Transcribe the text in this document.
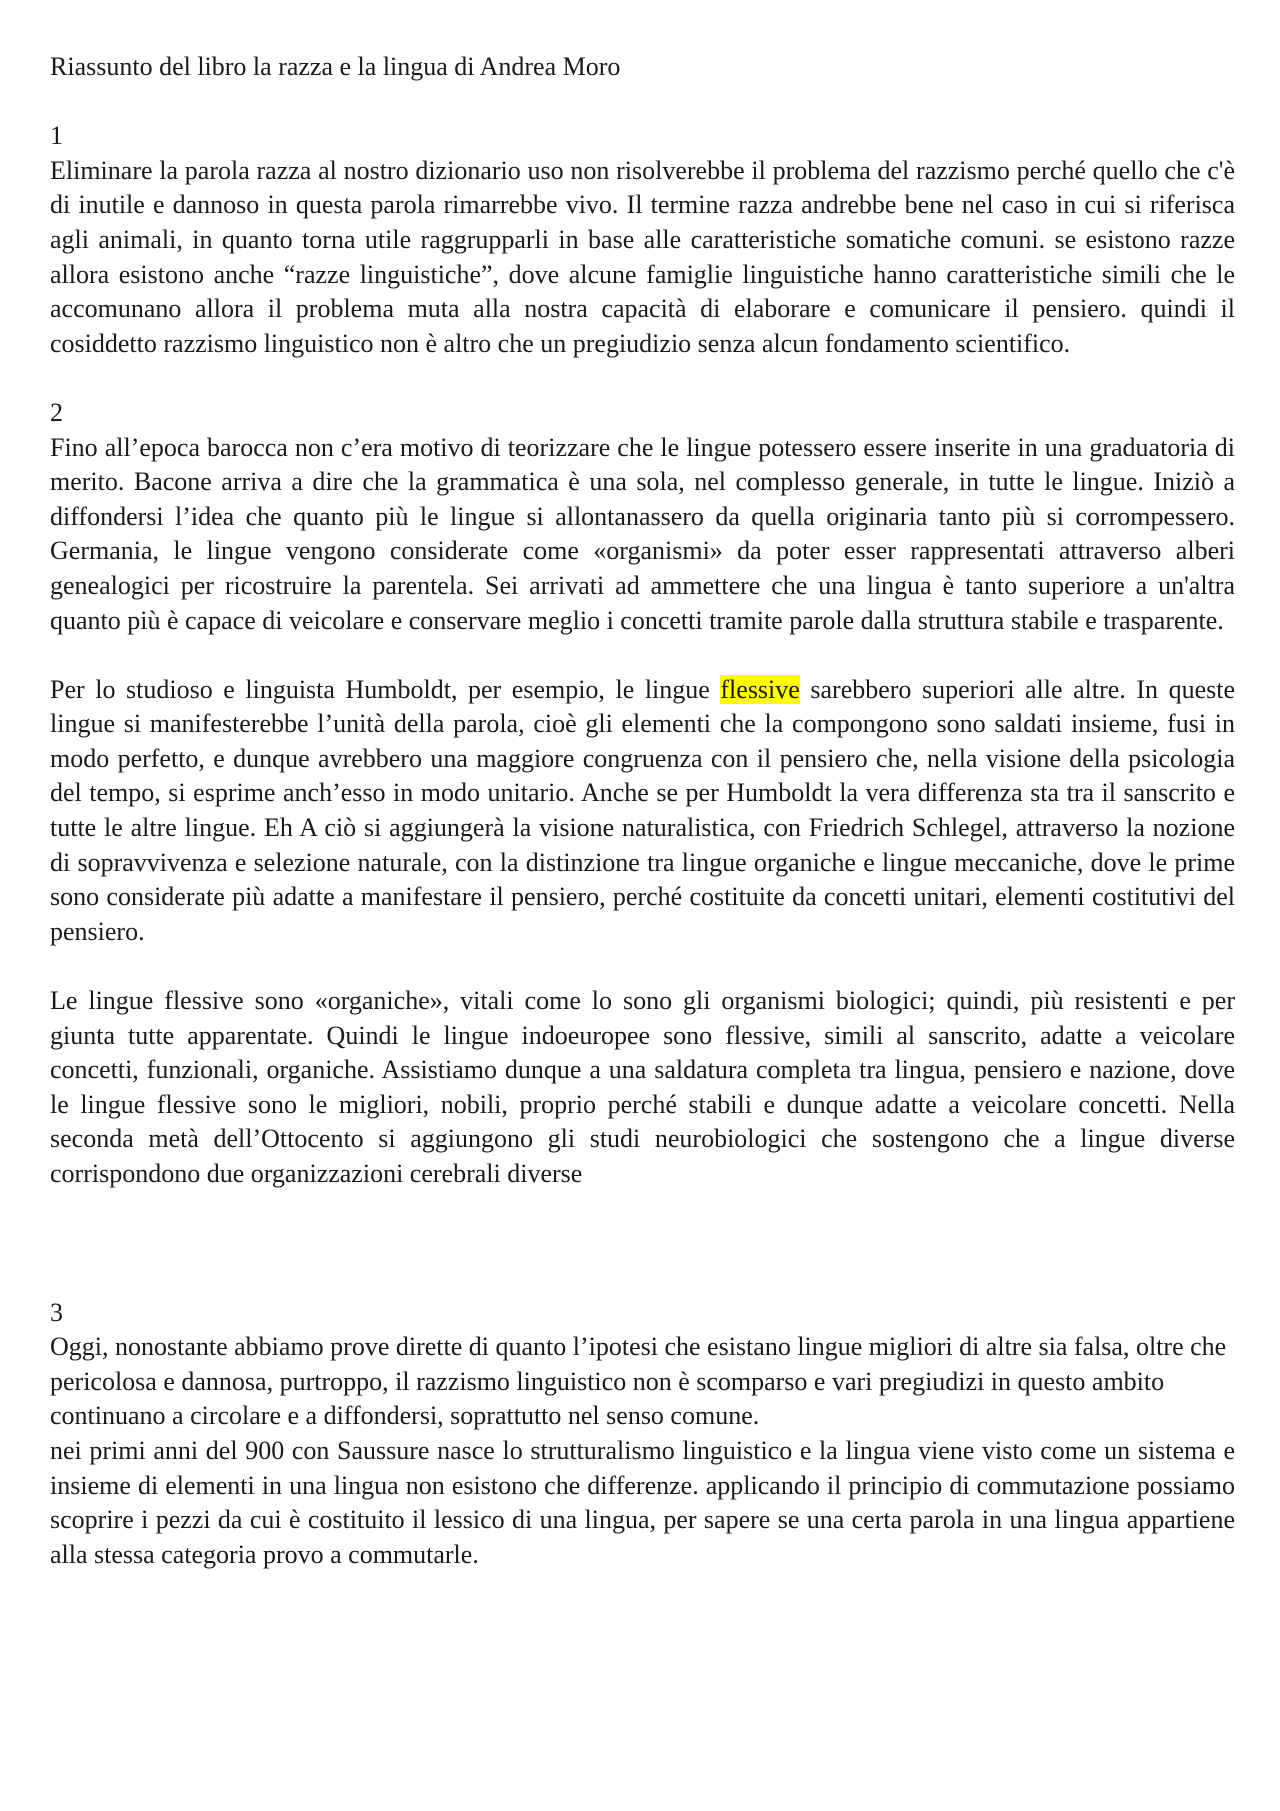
Riassunto del libro la razza e la lingua di Andrea Moro
1

Eliminare la parola razza al nostro dizionario uso non risolverebbe il problema del razzismo perché quello che c'è di inutile e dannoso in questa parola rimarrebbe vivo. Il termine razza andrebbe bene nel caso in cui si riferisca agli animali, in quanto torna utile raggrupparli in base alle caratteristiche somatiche comuni. se esistono razze allora esistono anche “razze linguistiche”, dove alcune famiglie linguistiche hanno caratteristiche simili che le accomunano allora il problema muta alla nostra capacità di elaborare e comunicare il pensiero. quindi il cosiddetto razzismo linguistico non è altro che un pregiudizio senza alcun fondamento scientifico.

2

Fino all’epoca barocca non c’era motivo di teorizzare che le lingue potessero essere inserite in una graduatoria di merito. Bacone arriva a dire che la grammatica è una sola, nel complesso generale, in tutte le lingue. Iniziò a diffondersi l’idea che quanto più le lingue si allontanassero da quella originaria tanto più si corrompessero. Germania, le lingue vengono considerate come «organismi» da poter esser rappresentati attraverso alberi genealogici per ricostruire la parentela. Sei arrivati ad ammettere che una lingua è tanto superiore a un'altra quanto più è capace di veicolare e conservare meglio i concetti tramite parole dalla struttura stabile e trasparente.

Per lo studioso e linguista Humboldt, per esempio, le lingue flessive sarebbero superiori alle altre. In queste lingue si manifesterebbe l’unità della parola, cioè gli elementi che la compongono sono saldati insieme, fusi in modo perfetto, e dunque avrebbero una maggiore congruenza con il pensiero che, nella visione della psicologia del tempo, si esprime anch’esso in modo unitario. Anche se per Humboldt la vera differenza sta tra il sanscrito e tutte le altre lingue. Eh A ciò si aggiungerà la visione naturalistica, con Friedrich Schlegel, attraverso la nozione di sopravvivenza e selezione naturale, con la distinzione tra lingue organiche e lingue meccaniche, dove le prime sono considerate più adatte a manifestare il pensiero, perché costituite da concetti unitari, elementi costitutivi del pensiero.

Le lingue flessive sono «organiche», vitali come lo sono gli organismi biologici; quindi, più resistenti e per giunta tutte apparentate. Quindi le lingue indoeuropee sono flessive, simili al sanscrito, adatte a veicolare concetti, funzionali, organiche. Assistiamo dunque a una saldatura completa tra lingua, pensiero e nazione, dove le lingue flessive sono le migliori, nobili, proprio perché stabili e dunque adatte a veicolare concetti. Nella seconda metà dell’Ottocento si aggiungono gli studi neurobiologici che sostengono che a lingue diverse corrispondono due organizzazioni cerebrali diverse

3

Oggi, nonostante abbiamo prove dirette di quanto l’ipotesi che esistano lingue migliori di altre sia falsa, oltre che pericolosa e dannosa, purtroppo, il razzismo linguistico non è scomparso e vari pregiudizi in questo ambito continuano a circolare e a diffondersi, soprattutto nel senso comune.

nei primi anni del 900 con Saussure nasce lo strutturalismo linguistico e la lingua viene visto come un sistema e insieme di elementi in una lingua non esistono che differenze. applicando il principio di commutazione possiamo scoprire i pezzi da cui è costituito il lessico di una lingua, per sapere se una certa parola in una lingua appartiene alla stessa categoria provo a commutarle.
